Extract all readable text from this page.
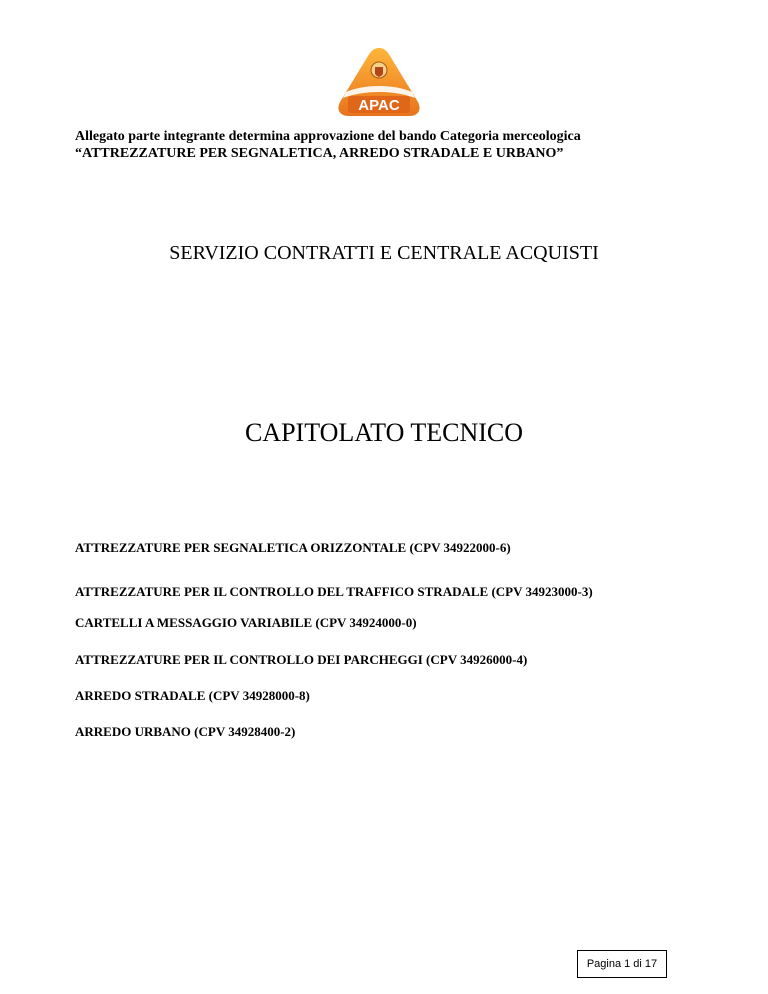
APAC
Allegato parte integrante determina approvazione del bando Categoria merceologica
“ATTREZZATURE PER SEGNALETICA, ARREDO STRADALE E URBANO”
SERVIZIO CONTRATTI E CENTRALE ACQUISTI
CAPITOLATO TECNICO
ATTREZZATURE PER SEGNALETICA ORIZZONTALE (CPV 34922000-6)
ATTREZZATURE PER IL CONTROLLO DEL TRAFFICO STRADALE (CPV 34923000-3)
CARTELLI A MESSAGGIO VARIABILE (CPV 34924000-0)
ATTREZZATURE PER IL CONTROLLO DEI PARCHEGGI (CPV 34926000-4)
ARREDO STRADALE (CPV 34928000-8)
ARREDO URBANO (CPV 34928400-2)
Pagina 1 di 17
